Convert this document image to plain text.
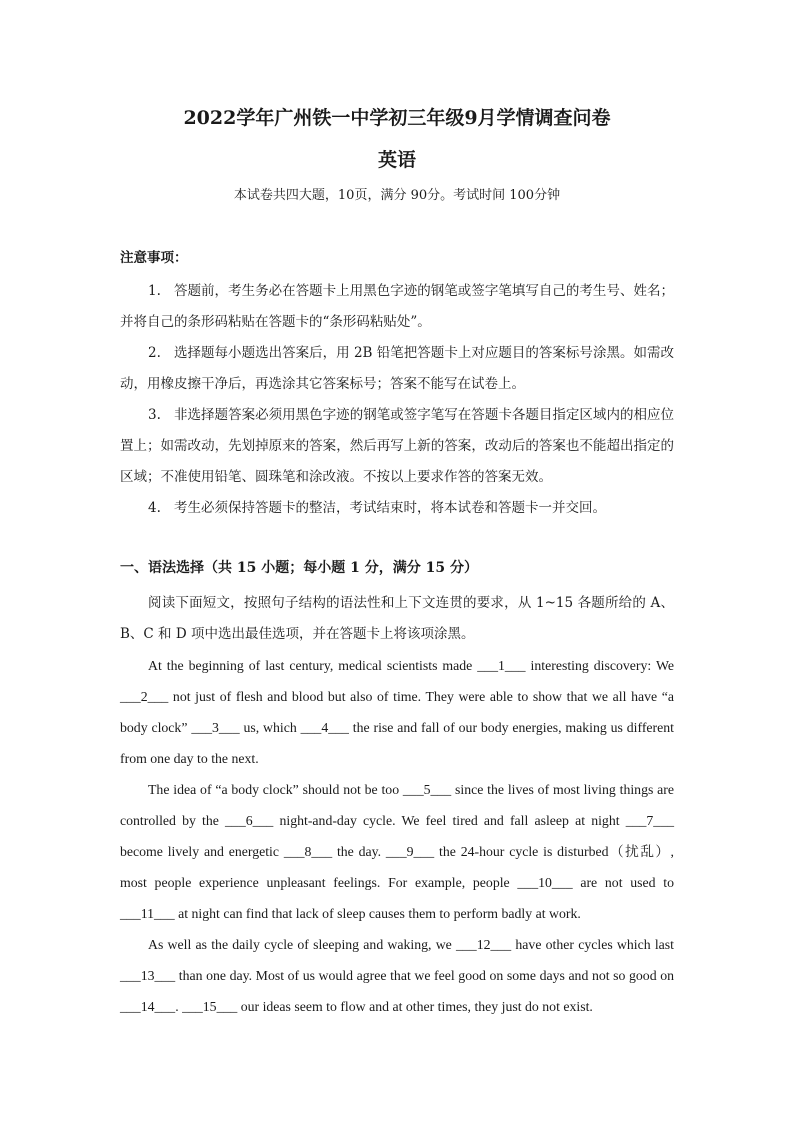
2022学年广州铁一中学初三年级9月学情调查问卷
英语
本试卷共四大题，10页，满分 90分。考试时间 100分钟
注意事项：
1. 答题前，考生务必在答题卡上用黑色字迹的钢笔或签字笔填写自己的考生号、姓名；并将自己的条形码粘贴在答题卡的“条形码粘贴处”。
2. 选择题每小题选出答案后，用 2B 铅笔把答题卡上对应题目的答案标号涂黑。如需改动，用橡皮擦干净后，再选涂其它答案标号；答案不能写在试卷上。
3. 非选择题答案必须用黑色字迹的钢笔或签字笔写在答题卡各题目指定区域内的相应位置上；如需改动，先划掉原来的答案，然后再写上新的答案，改动后的答案也不能超出指定的区域；不准使用铅笔、圆珠笔和涂改液。不按以上要求作答的答案无效。
4. 考生必须保持答题卡的整洁，考试结束时，将本试卷和答题卡一并交回。
一、语法选择（共 15 小题；每小题 1 分，满分 15 分）

阅读下面短文，按照句子结构的语法性和上下文连贯的要求，从 1~15 各题所给的 A、B、C 和 D 项中选出最佳选项，并在答题卡上将该项涂黑。

At the beginning of last century, medical scientists made ___1___ interesting discovery: We ___2___ not just of flesh and blood but also of time. They were able to show that we all have “a body clock” ___3___ us, which ___4___ the rise and fall of our body energies, making us different from one day to the next.

The idea of “a body clock” should not be too ___5___ since the lives of most living things are controlled by the ___6___ night-and-day cycle. We feel tired and fall asleep at night ___7___ become lively and energetic ___8___ the day. ___9___ the 24-hour cycle is disturbed（扰乱）, most people experience unpleasant feelings. For example, people ___10___ are not used to ___11___ at night can find that lack of sleep causes them to perform badly at work.

As well as the daily cycle of sleeping and waking, we ___12___ have other cycles which last ___13___ than one day. Most of us would agree that we feel good on some days and not so good on ___14___. ___15___ our ideas seem to flow and at other times, they just do not exist.
